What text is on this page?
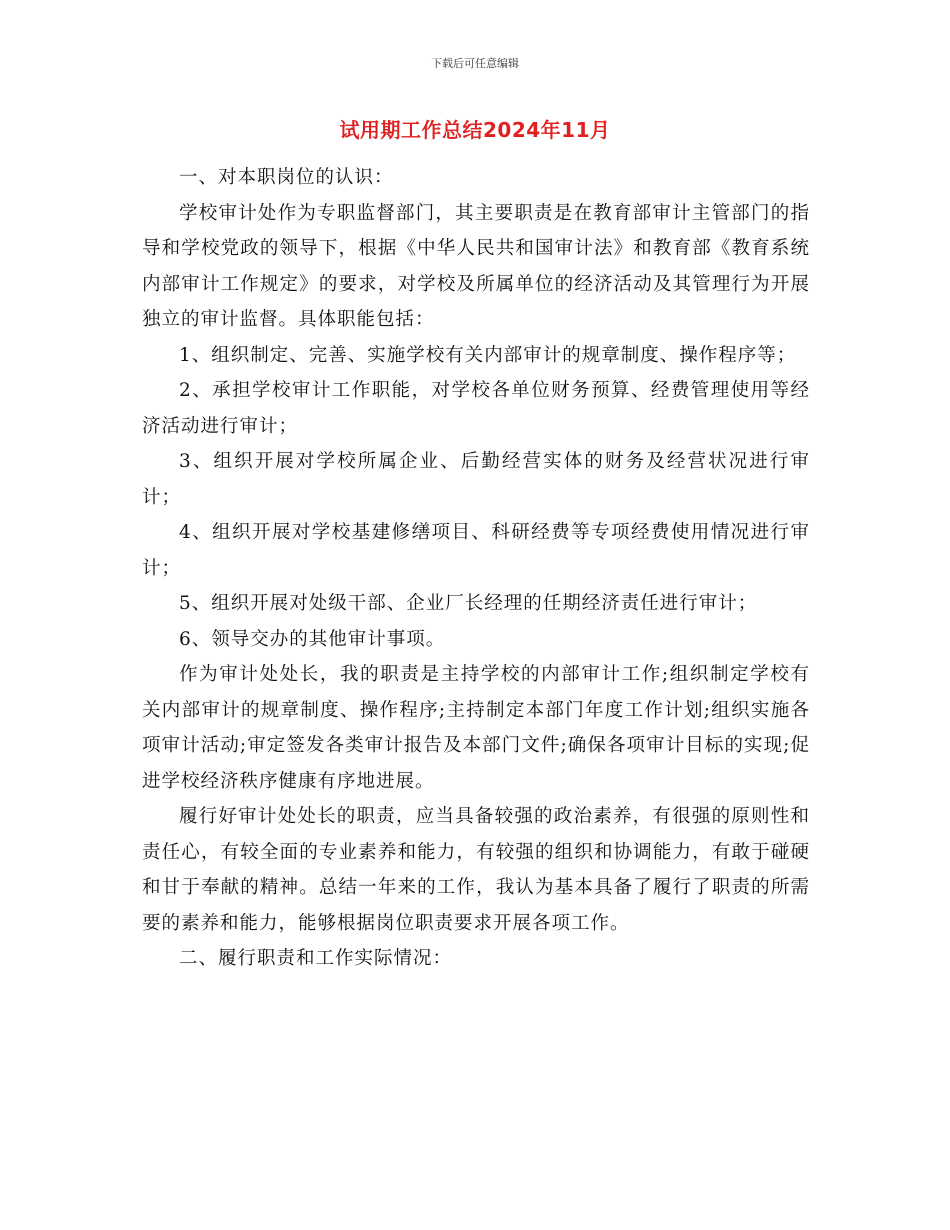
下载后可任意编辑
试用期工作总结2024年11月

一、对本职岗位的认识：

学校审计处作为专职监督部门，其主要职责是在教育部审计主管部门的指导和学校党政的领导下，根据《中华人民共和国审计法》和教育部《教育系统内部审计工作规定》的要求，对学校及所属单位的经济活动及其管理行为开展独立的审计监督。具体职能包括：

1、组织制定、完善、实施学校有关内部审计的规章制度、操作程序等；

2、承担学校审计工作职能，对学校各单位财务预算、经费管理使用等经济活动进行审计；

3、组织开展对学校所属企业、后勤经营实体的财务及经营状况进行审计；

4、组织开展对学校基建修缮项目、科研经费等专项经费使用情况进行审计；

5、组织开展对处级干部、企业厂长经理的任期经济责任进行审计；

6、领导交办的其他审计事项。

作为审计处处长，我的职责是主持学校的内部审计工作;组织制定学校有关内部审计的规章制度、操作程序;主持制定本部门年度工作计划;组织实施各项审计活动;审定签发各类审计报告及本部门文件;确保各项审计目标的实现;促进学校经济秩序健康有序地进展。

履行好审计处处长的职责，应当具备较强的政治素养，有很强的原则性和责任心，有较全面的专业素养和能力，有较强的组织和协调能力，有敢于碰硬和甘于奉献的精神。总结一年来的工作，我认为基本具备了履行了职责的所需要的素养和能力，能够根据岗位职责要求开展各项工作。

二、履行职责和工作实际情况：
